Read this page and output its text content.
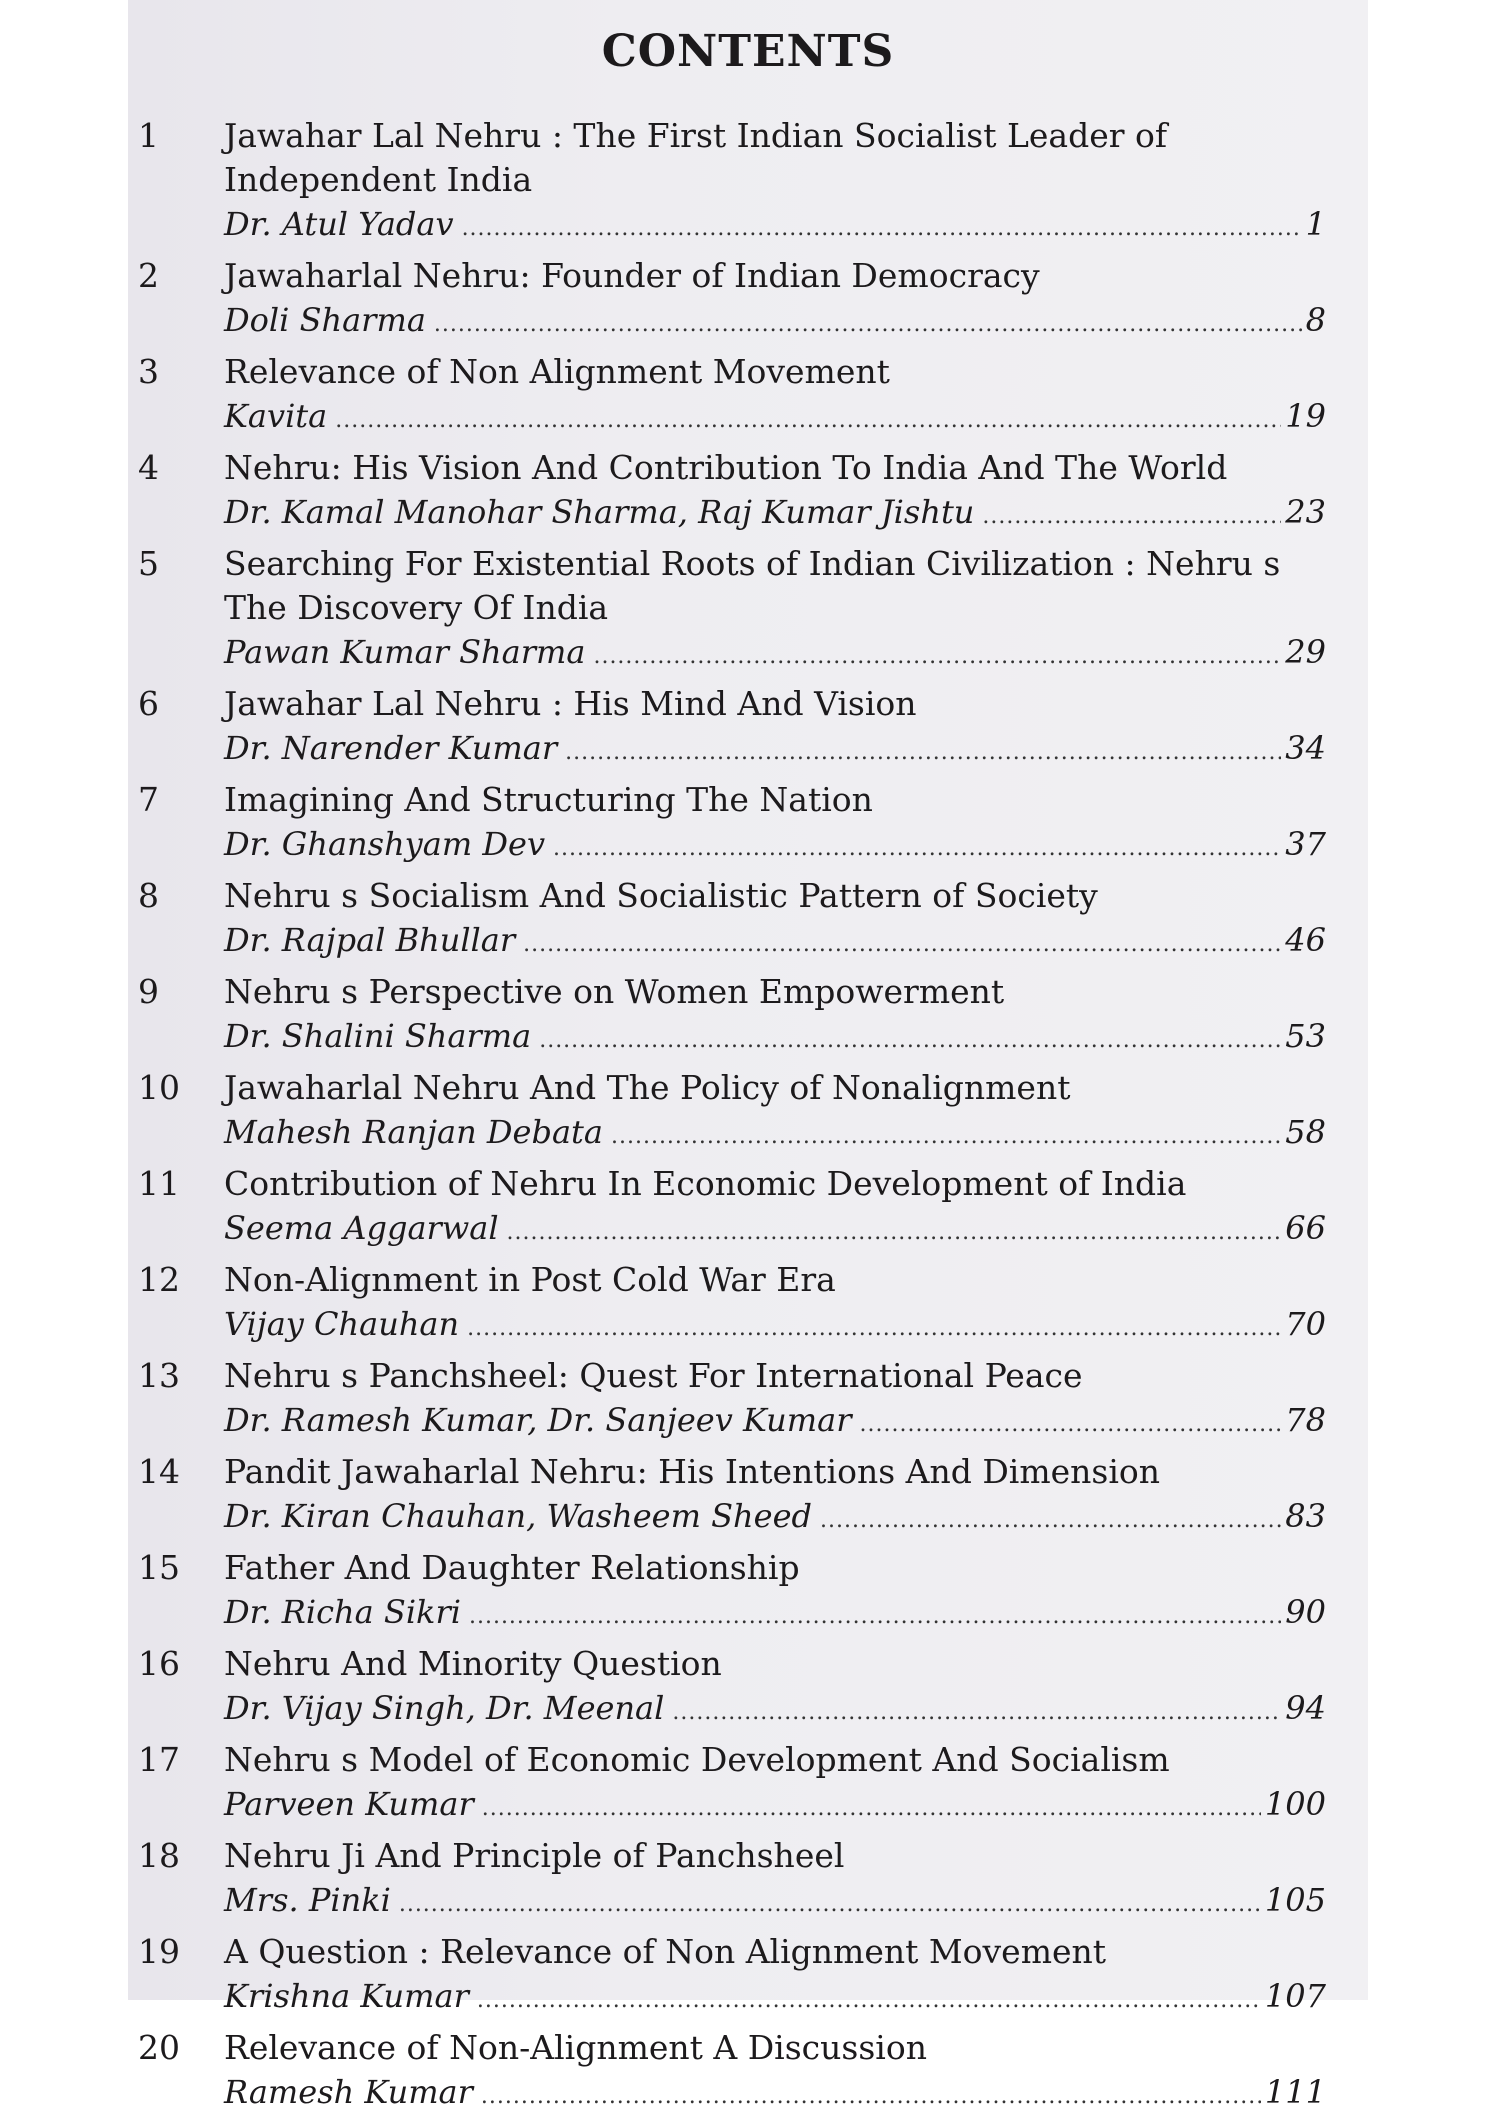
CONTENTS
1	Jawahar Lal Nehru : The First Indian Socialist Leader of Independent India
Dr. Atul Yadav .....	1
2	Jawaharlal Nehru: Founder of Indian Democracy
Doli Sharma .....	8
3	Relevance of Non Alignment Movement
Kavita .....	19
4	Nehru: His Vision And Contribution To India And The World
Dr. Kamal Manohar Sharma, Raj Kumar Jishtu .....	23
5	Searching For Existential Roots of Indian Civilization : Nehru s The Discovery Of India
Pawan Kumar Sharma .....	29
6	Jawahar Lal Nehru : His Mind And Vision
Dr. Narender Kumar .....	34
7	Imagining And Structuring The Nation
Dr. Ghanshyam Dev .....	37
8	Nehru s Socialism And Socialistic Pattern of Society
Dr. Rajpal Bhullar .....	46
9	Nehru s Perspective on Women Empowerment
Dr. Shalini Sharma .....	53
10	Jawaharlal Nehru And The Policy of Nonalignment
Mahesh Ranjan Debata .....	58
11	Contribution of Nehru In Economic Development of India
Seema Aggarwal .....	66
12	Non-Alignment in Post Cold War Era
Vijay Chauhan .....	70
13	Nehru s Panchsheel: Quest For International Peace
Dr. Ramesh Kumar, Dr. Sanjeev Kumar .....	78
14	Pandit Jawaharlal Nehru: His Intentions And Dimension
Dr. Kiran Chauhan, Washeem Sheed .....	83
15	Father And Daughter Relationship
Dr. Richa Sikri .....	90
16	Nehru And Minority Question
Dr. Vijay Singh, Dr. Meenal .....	94
17	Nehru s Model of Economic Development And Socialism
Parveen Kumar .....	100
18	Nehru Ji And Principle of Panchsheel
Mrs. Pinki .....	105
19	A Question : Relevance of Non Alignment Movement
Krishna Kumar .....	107
20	Relevance of Non-Alignment A Discussion
Ramesh Kumar .....	111
